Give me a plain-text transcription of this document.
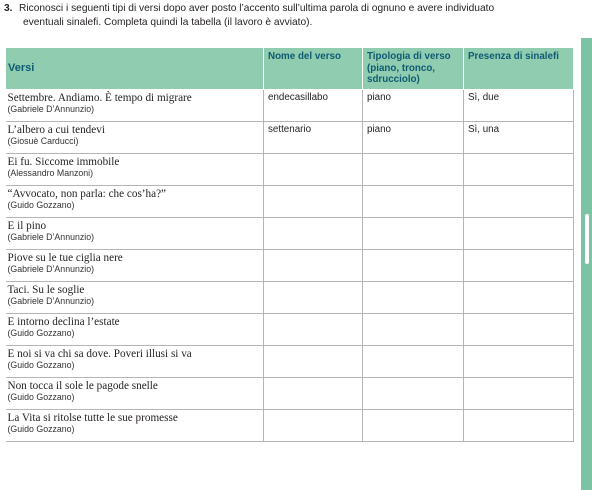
3. Riconosci i seguenti tipi di versi dopo aver posto l’accento sull’ultima parola di ognuno e avere individuato
eventuali sinalefi. Completa quindi la tabella (il lavoro è avviato).
Versi	Nome del verso	Tipologia di verso (piano, tronco, sdrucciolo)	Presenza di sinalefi

Settembre. Andiamo. È tempo di migrare
(Gabriele D’Annunzio)	endecasillabo	piano	Sì, due

L’albero a cui tendevi
(Giosuè Carducci)	settenario	piano	Sì, una

Ei fu. Siccome immobile
(Alessandro Manzoni)			

“Avvocato, non parla: che cos’ha?”
(Guido Gozzano)			

E il pino
(Gabriele D’Annunzio)			

Piove su le tue ciglia nere
(Gabriele D’Annunzio)			

Taci. Su le soglie
(Gabriele D’Annunzio)			

E intorno declina l’estate
(Guido Gozzano)			

E noi si va chi sa dove. Poveri illusi si va
(Guido Gozzano)			

Non tocca il sole le pagode snelle
(Guido Gozzano)			

La Vita si ritolse tutte le sue promesse
(Guido Gozzano)			
